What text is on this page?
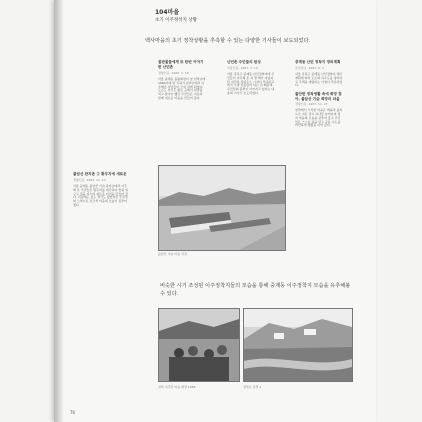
104마을
초기 이주정착지 상황
백사마을의 초기 정착상황을 추측할 수 있는 다양한 기사들이 보도되었다.
골판물들에게 또 한번 이야기한 난민촌
경향신문, 1965. 3. 16
서울 중계동 불광화장터 옆 천막촌에 1960년대 말 무허가 판자촌에서 이주해온 사람들이 모여 살게 되었다. 도로도 전기도 없는 곳에서 천막을 치고 살아야 했던 주민들은 이웃과 함께 새로운 마을을 만들어 갔다.
난민촌 주민들의 원성
서울신문, 1967. 7. 19
서울 강북구 중계동 난민정착지에 주민들이 이주해 온 지 몇 해가 지났지만 여전히 상하수도 시설이 부족하고 비가 오면 진흙탕이 되는 길 때문에 주민들의 불편이 이어지고 있다는 내용의 기사가 보도되었다.
중계동 난민 정착지 정비계획
조선일보, 1967. 9. 3
서울 강북구 중계동 난민정착지 정비계획에 따라 도로와 하수도를 정비하고 주택을 개량하는 사업이 추진되었다.
불안한 정착생활 속에 희망 찾아, 불암산 기슭 희망의 마을
경향신문, 1967. 11. 27
천막에서 시작된 마을은 벽돌과 블록으로 지은 집이 하나둘 늘어나며 점차 마을의 모습을 갖추어 갔고 주민들은 스스로 길을 닦고 공동 수도를 마련하며 생활을 이어 갔다.
불암산 판자촌 그 황무지에 새로운
경향신문, 1965. 11. 10
서울 중계동 불암산 기슭 판자촌에서 이주해 온 주민들은 황무지를 개간하여 밭을 일구고 집을 지으며 새로운 터전을 만들어 갔다. 처음에는 물도 전기도 없었지만 주민들의 노력으로 조금씩 마을의 모습이 갖추어졌다.
불암산 기슭 마을 전경
비슷한 시기 조성된 이주정착지들의 모습을 통해 중계동 이주정착지 모습을 유추해볼 수 있다.
천막 이주민 마을 배경 1965	정착촌 전경 1
76
